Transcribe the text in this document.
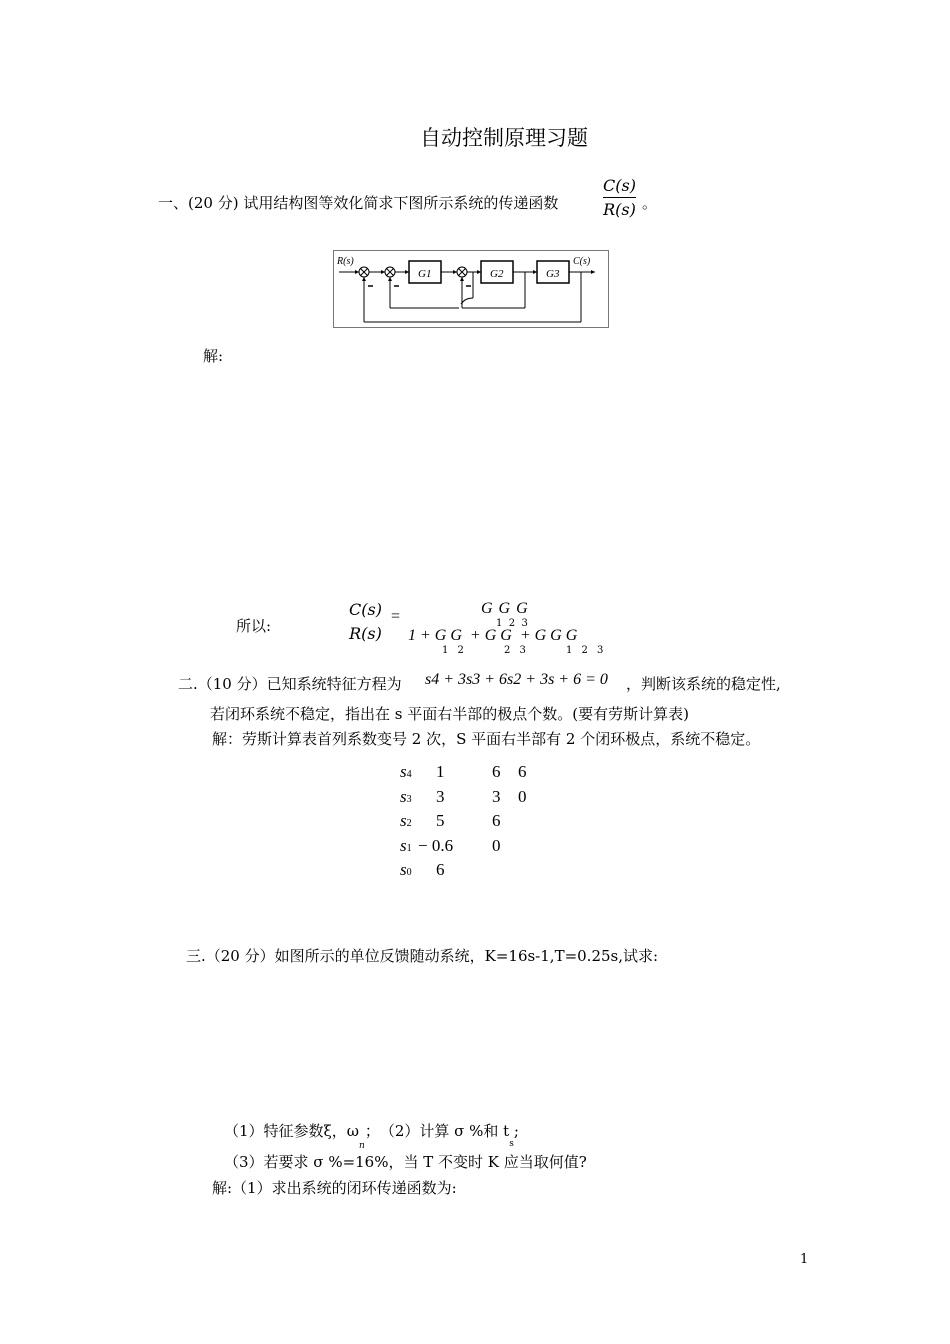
自动控制原理习题
一、(20 分) 试用结构图等效化简求下图所示系统的传递函数
C(s)
R(s) 。
R(s)
G1	G2	G3
C(s)
解:
所以:
C(s)
R(s)
=	G G G
1  2  3
1 + G G  + G G  + G G G
1 2      2 3      1 2 3
二.（10 分）已知系统特征方程为 s4 + 3s3 + 6s2 + 3s + 6 = 0 ，判断该系统的稳定性,
若闭环系统不稳定，指出在 s 平面右半部的极点个数。(要有劳斯计算表)
解：劳斯计算表首列系数变号 2 次，S 平面右半部有 2 个闭环极点，系统不稳定。
s4 1	6 6
s3 3	3 0
s2 5	6
s1 − 0.6 0
s0 6
三.（20 分）如图所示的单位反馈随动系统，K=16s-1,T=0.25s,试求:
（1）特征参数ξ，$\omega_n$；　（2）计算 σ %和 $t_s$;
（3）若要求 σ %=16%，当 T 不变时 K 应当取何值?
解:（1）求出系统的闭环传递函数为:
1
